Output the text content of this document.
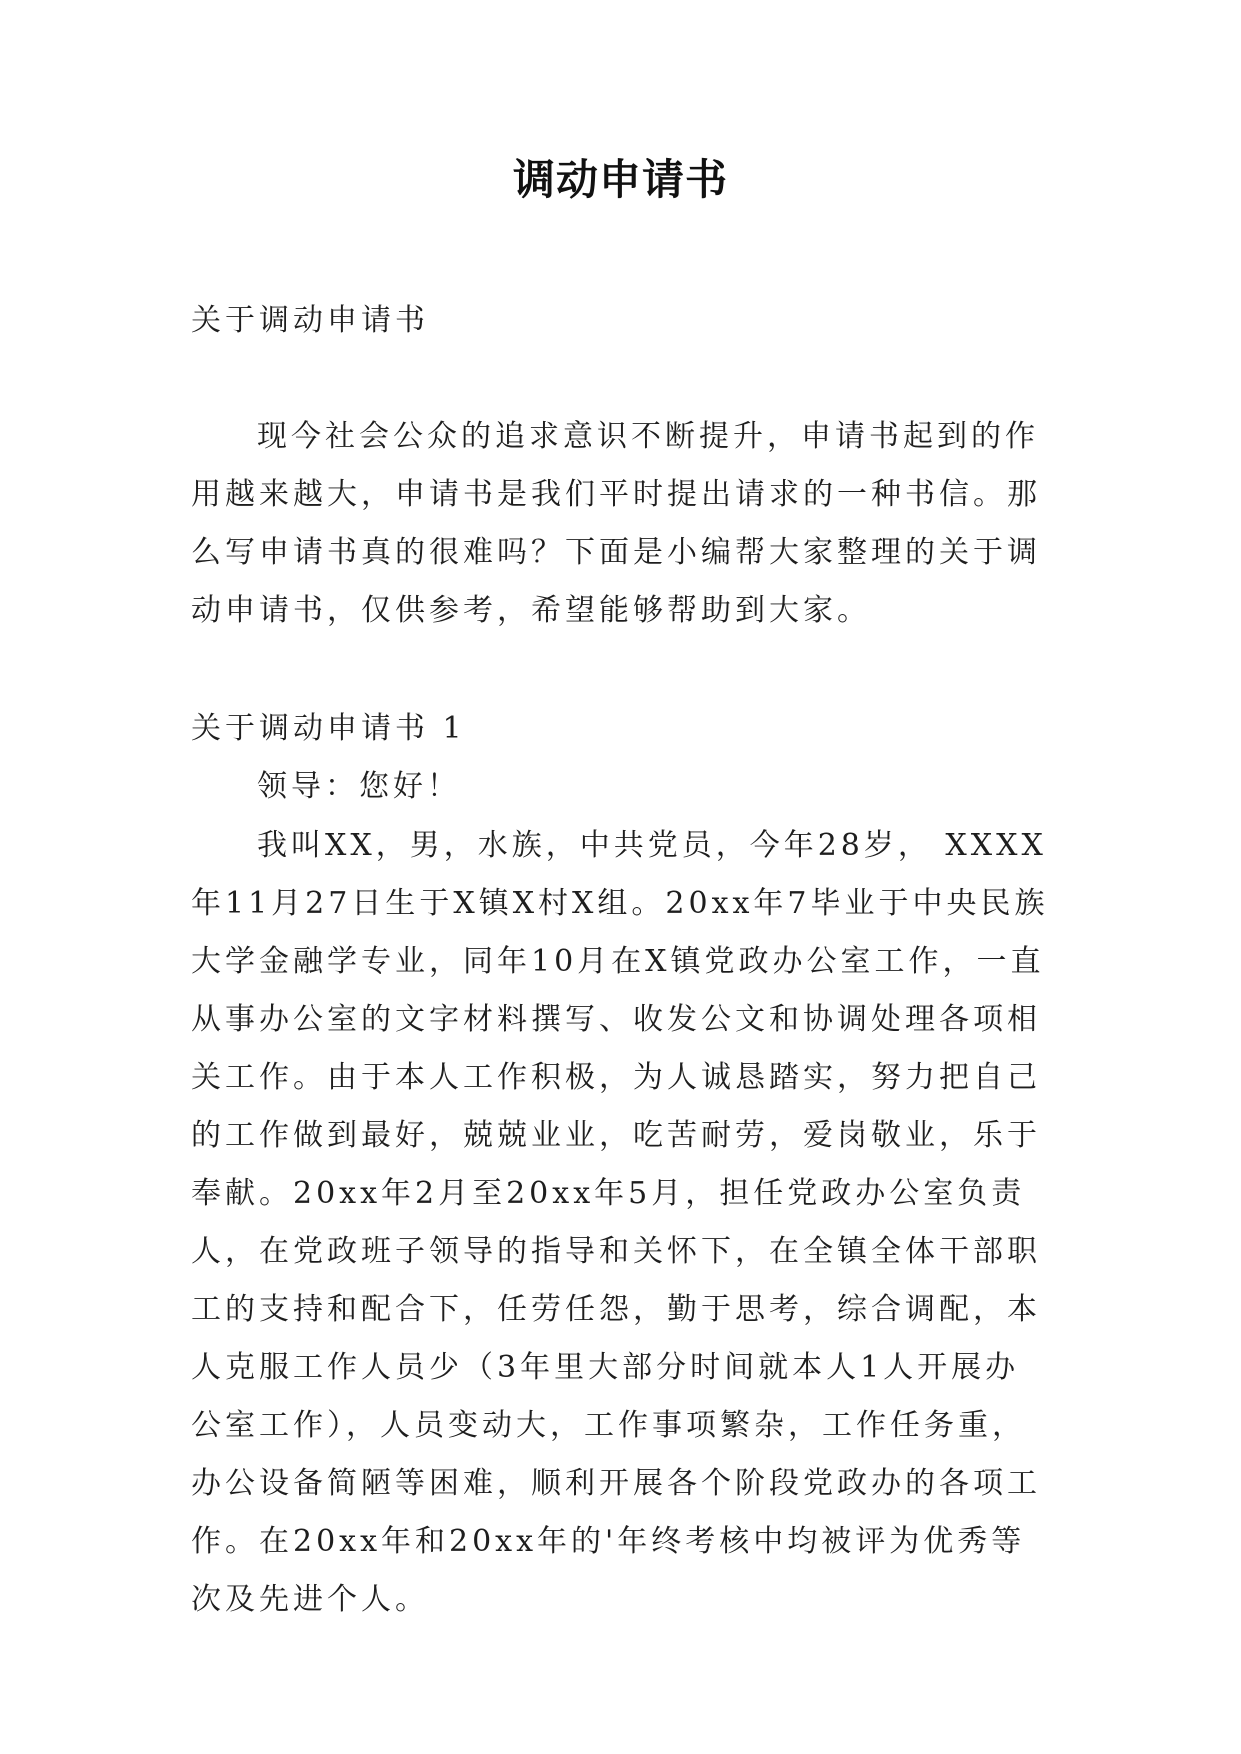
调动申请书

关于调动申请书

现今社会公众的追求意识不断提升，申请书起到的作用越来越大，申请书是我们平时提出请求的一种书信。那么写申请书真的很难吗？下面是小编帮大家整理的关于调动申请书，仅供参考，希望能够帮助到大家。

关于调动申请书 1

领导：您好！

我叫XX，男，水族，中共党员，今年28岁， XXXX年11月27日生于X镇X村X组。20xx年7毕业于中央民族大学金融学专业，同年10月在X镇党政办公室工作，一直从事办公室的文字材料撰写、收发公文和协调处理各项相关工作。由于本人工作积极，为人诚恳踏实，努力把自己的工作做到最好，兢兢业业，吃苦耐劳，爱岗敬业，乐于奉献。20xx年2月至20xx年5月，担任党政办公室负责人，在党政班子领导的指导和关怀下，在全镇全体干部职工的支持和配合下，任劳任怨，勤于思考，综合调配，本人克服工作人员少（3年里大部分时间就本人1人开展办公室工作），人员变动大，工作事项繁杂，工作任务重，办公设备简陋等困难，顺利开展各个阶段党政办的各项工作。在20xx年和20xx年的'年终考核中均被评为优秀等次及先进个人。
